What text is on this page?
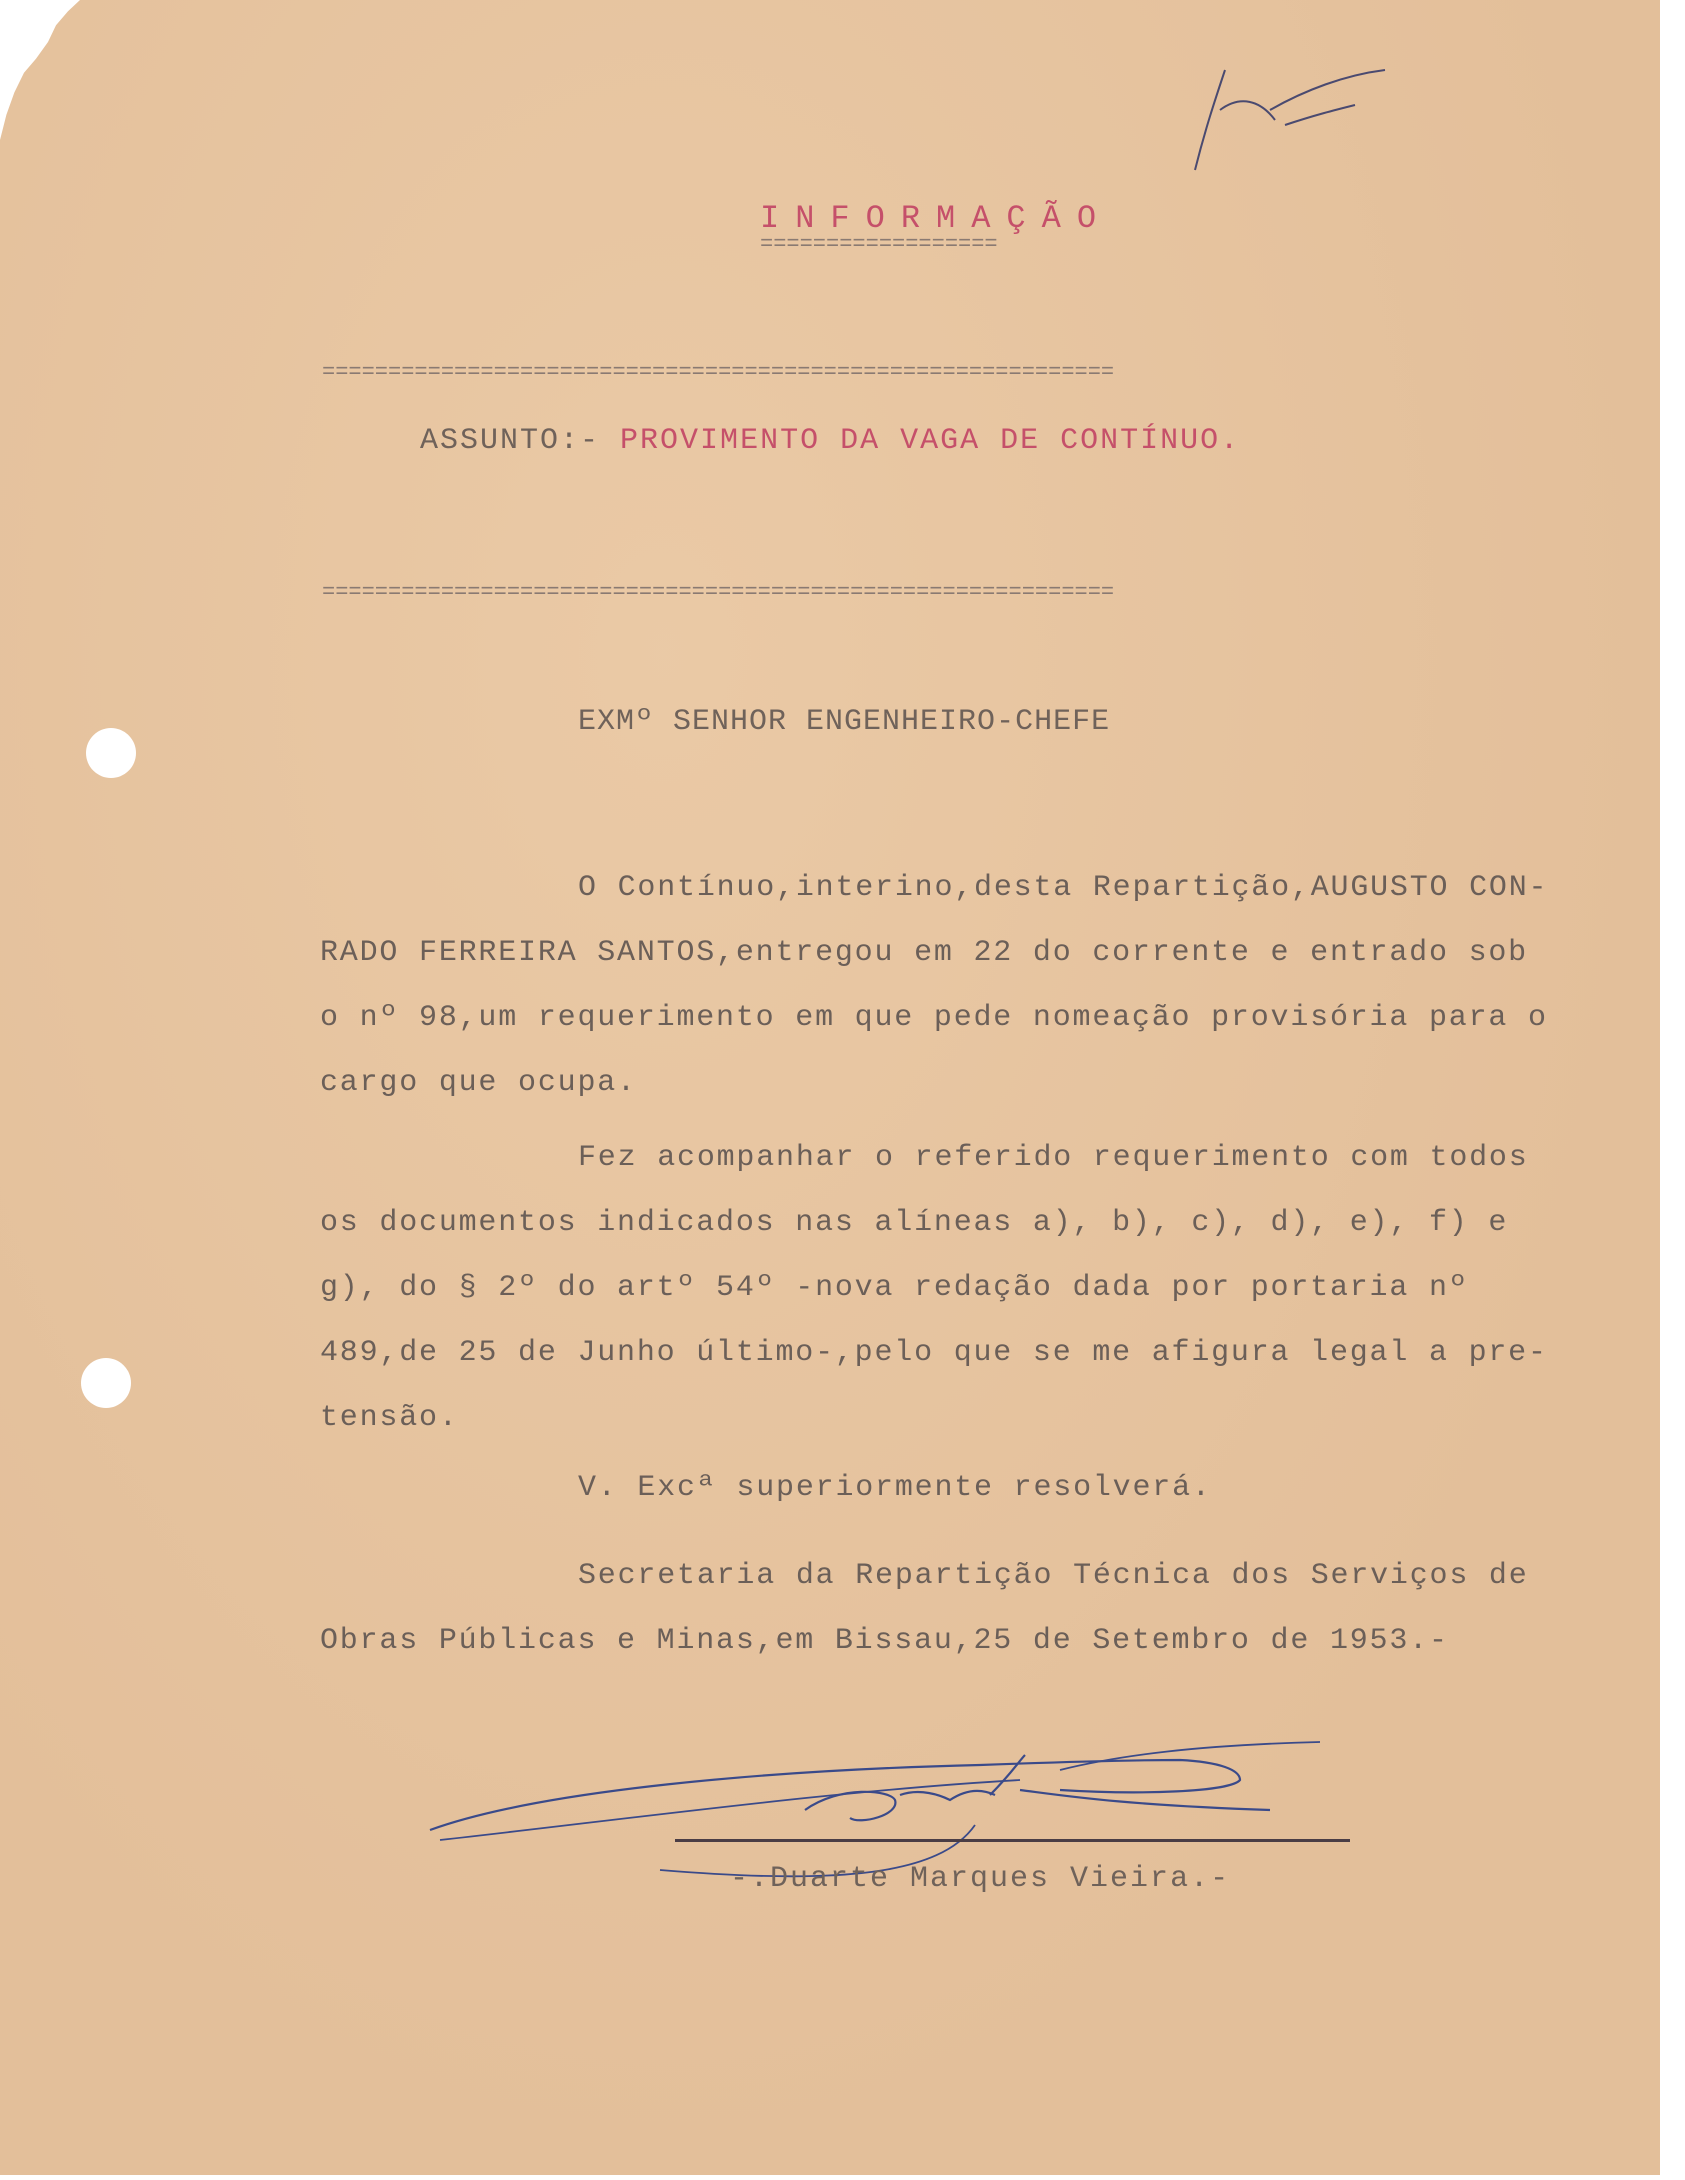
INFORMAÇÃO
==================
============================================================
ASSUNTO:- PROVIMENTO DA VAGA DE CONTÍNUO.
============================================================
EXMº SENHOR ENGENHEIRO-CHEFE
O Contínuo,interino,desta Repartição,AUGUSTO CON-
RADO FERREIRA SANTOS,entregou em 22 do corrente e entrado sob
o nº 98,um requerimento em que pede nomeação provisória para o
cargo que ocupa.
Fez acompanhar o referido requerimento com todos
os documentos indicados nas alíneas a), b), c), d), e), f) e
g), do § 2º do artº 54º -nova redação dada por portaria nº
489,de 25 de Junho último-,pelo que se me afigura legal a pre-
tensão.
V. Excª superiormente resolverá.
Secretaria da Repartição Técnica dos Serviços de
Obras Públicas e Minas,em Bissau,25 de Setembro de 1953.-
-.Duarte Marques Vieira.-
